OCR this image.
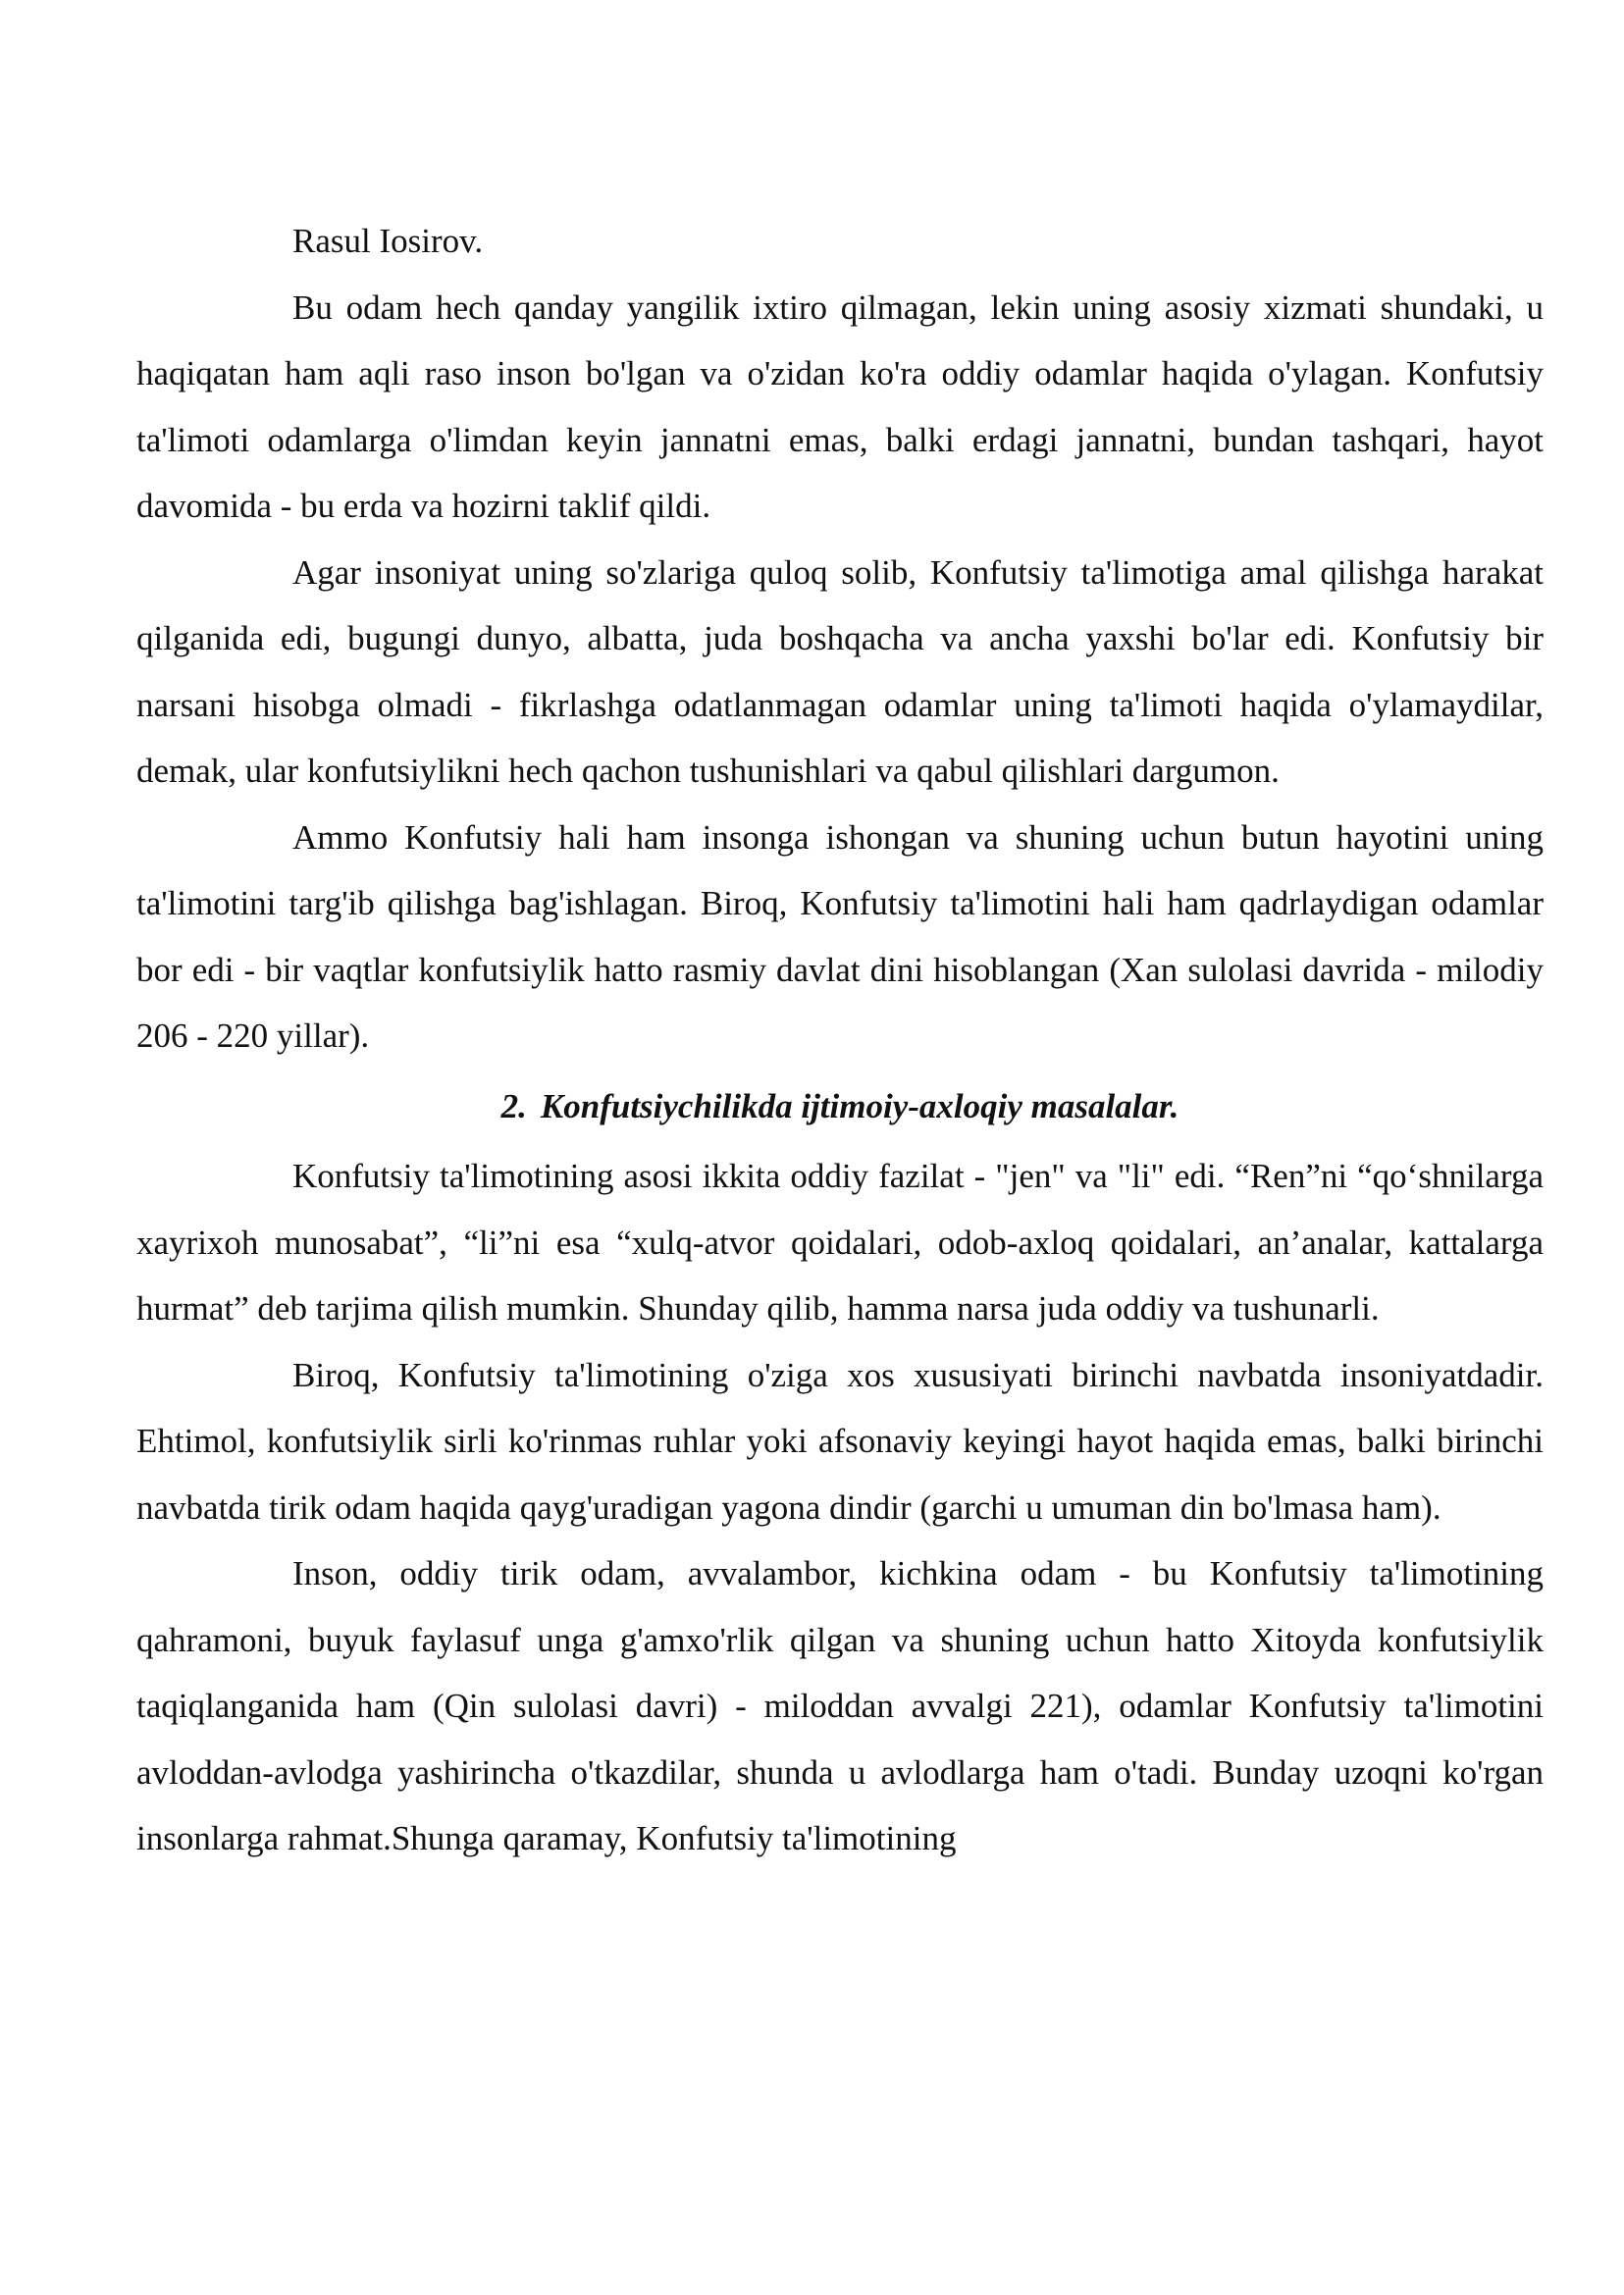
Rasul Iosirov.

Bu odam hech qanday yangilik ixtiro qilmagan, lekin uning asosiy xizmati shundaki, u haqiqatan ham aqli raso inson bo'lgan va o'zidan ko'ra oddiy odamlar haqida o'ylagan. Konfutsiy ta'limoti odamlarga o'limdan keyin jannatni emas, balki erdagi jannatni, bundan tashqari, hayot davomida - bu erda va hozirni taklif qildi.

Agar insoniyat uning so'zlariga quloq solib, Konfutsiy ta'limotiga amal qilishga harakat qilganida edi, bugungi dunyo, albatta, juda boshqacha va ancha yaxshi bo'lar edi. Konfutsiy bir narsani hisobga olmadi - fikrlashga odatlanmagan odamlar uning ta'limoti haqida o'ylamaydilar, demak, ular konfutsiylikni hech qachon tushunishlari va qabul qilishlari dargumon.

Ammo Konfutsiy hali ham insonga ishongan va shuning uchun butun hayotini uning ta'limotini targ'ib qilishga bag'ishlagan. Biroq, Konfutsiy ta'limotini hali ham qadrlaydigan odamlar bor edi - bir vaqtlar konfutsiylik hatto rasmiy davlat dini hisoblangan (Xan sulolasi davrida - milodiy 206 - 220 yillar).

2. Konfutsiychilikda ijtimoiy-axloqiy masalalar.

Konfutsiy ta'limotining asosi ikkita oddiy fazilat - "jen" va "li" edi. “Ren”ni “qo‘shnilarga xayrixoh munosabat”, “li”ni esa “xulq-atvor qoidalari, odob-axloq qoidalari, an’analar, kattalarga hurmat” deb tarjima qilish mumkin. Shunday qilib, hamma narsa juda oddiy va tushunarli.

Biroq, Konfutsiy ta'limotining o'ziga xos xususiyati birinchi navbatda insoniyatdadir. Ehtimol, konfutsiylik sirli ko'rinmas ruhlar yoki afsonaviy keyingi hayot haqida emas, balki birinchi navbatda tirik odam haqida qayg'uradigan yagona dindir (garchi u umuman din bo'lmasa ham).

Inson, oddiy tirik odam, avvalambor, kichkina odam - bu Konfutsiy ta'limotining qahramoni, buyuk faylasuf unga g'amxo'rlik qilgan va shuning uchun hatto Xitoyda konfutsiylik taqiqlanganida ham (Qin sulolasi davri) - miloddan avvalgi 221), odamlar Konfutsiy ta'limotini avloddan-avlodga yashirincha o'tkazdilar, shunda u avlodlarga ham o'tadi. Bunday uzoqni ko'rgan insonlarga rahmat.Shunga qaramay, Konfutsiy ta'limotining
